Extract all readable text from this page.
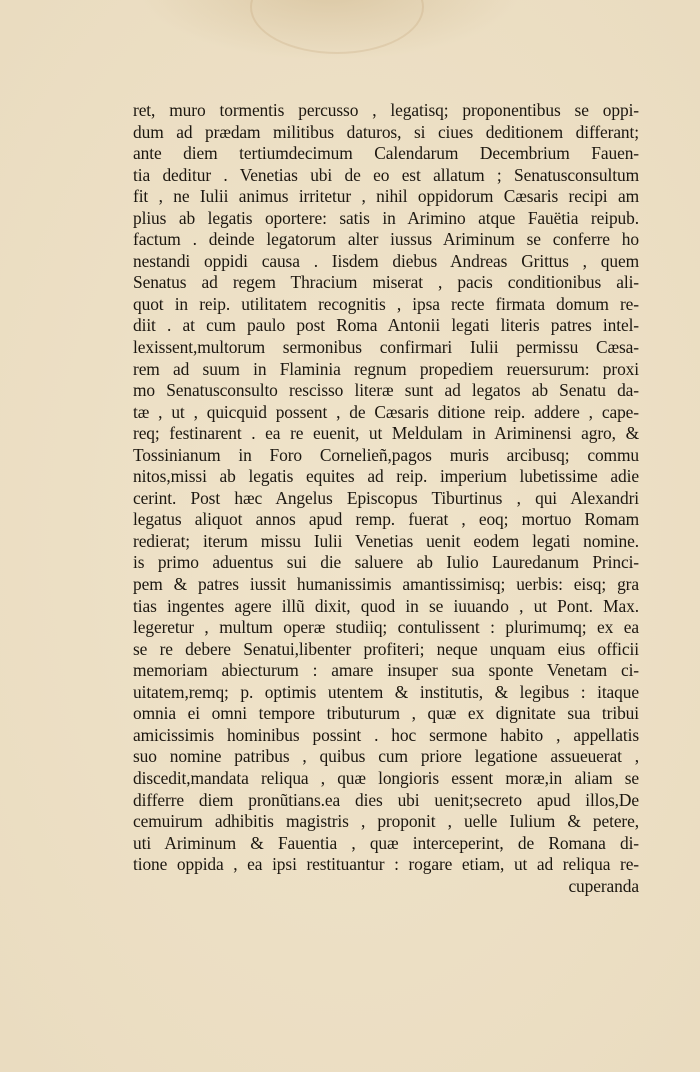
ret, muro tormentis percusso , legatisq; proponentibus se oppi-
dum ad prædam militibus daturos, si ciues deditionem differant;
ante diem tertiumdecimum Calendarum Decembrium Fauen-
tia deditur . Venetias ubi de eo est allatum ; Senatusconsultum
fit , ne Iulii animus irritetur , nihil oppidorum Cæsaris recipi am
plius ab legatis oportere: satis in Arimino atque Fauëtia reipub.
factum . deinde legatorum alter iussus Ariminum se conferre ho
nestandi oppidi causa . Iisdem diebus Andreas Grittus , quem
Senatus ad regem Thracium miserat , pacis conditionibus ali-
quot in reip. utilitatem recognitis , ipsa recte firmata domum re-
diit . at cum paulo post Roma Antonii legati literis patres intel-
lexissent,multorum sermonibus confirmari Iulii permissu Cæsa-
rem ad suum in Flaminia regnum propediem reuersurum: proxi
mo Senatusconsulto rescisso literæ sunt ad legatos ab Senatu da-
tæ , ut , quicquid possent , de Cæsaris ditione reip. addere , cape-
req; festinarent . ea re euenit, ut Meldulam in Ariminensi agro, &
Tossinianum in Foro Cornelieñ,pagos muris arcibusq; commu
nitos,missi ab legatis equites ad reip. imperium lubetissime adie
cerint. Post hæc Angelus Episcopus Tiburtinus , qui Alexandri
legatus aliquot annos apud remp. fuerat , eoq; mortuo Romam
redierat; iterum missu Iulii Venetias uenit eodem legati nomine.
is primo aduentus sui die saluere ab Iulio Lauredanum Princi-
pem & patres iussit humanissimis amantissimisq; uerbis: eisq; gra
tias ingentes agere illũ dixit, quod in se iuuando , ut Pont. Max.
legeretur , multum operæ studiiq; contulissent : plurimumq; ex ea
se re debere Senatui,libenter profiteri; neque unquam eius officii
memoriam abiecturum : amare insuper sua sponte Venetam ci-
uitatem,remq; p. optimis utentem & institutis, & legibus : itaque
omnia ei omni tempore tributurum , quæ ex dignitate sua tribui
amicissimis hominibus possint . hoc sermone habito , appellatis
suo nomine patribus , quibus cum priore legatione assueuerat ,
discedit,mandata reliqua , quæ longioris essent moræ,in aliam se
differre diem pronũtians.ea dies ubi uenit;secreto apud illos,De
cemuirum adhibitis magistris , proponit , uelle Iulium & petere,
uti Ariminum & Fauentia , quæ interceperint, de Romana di-
tione oppida , ea ipsi restituantur : rogare etiam, ut ad reliqua re-
cuperanda
